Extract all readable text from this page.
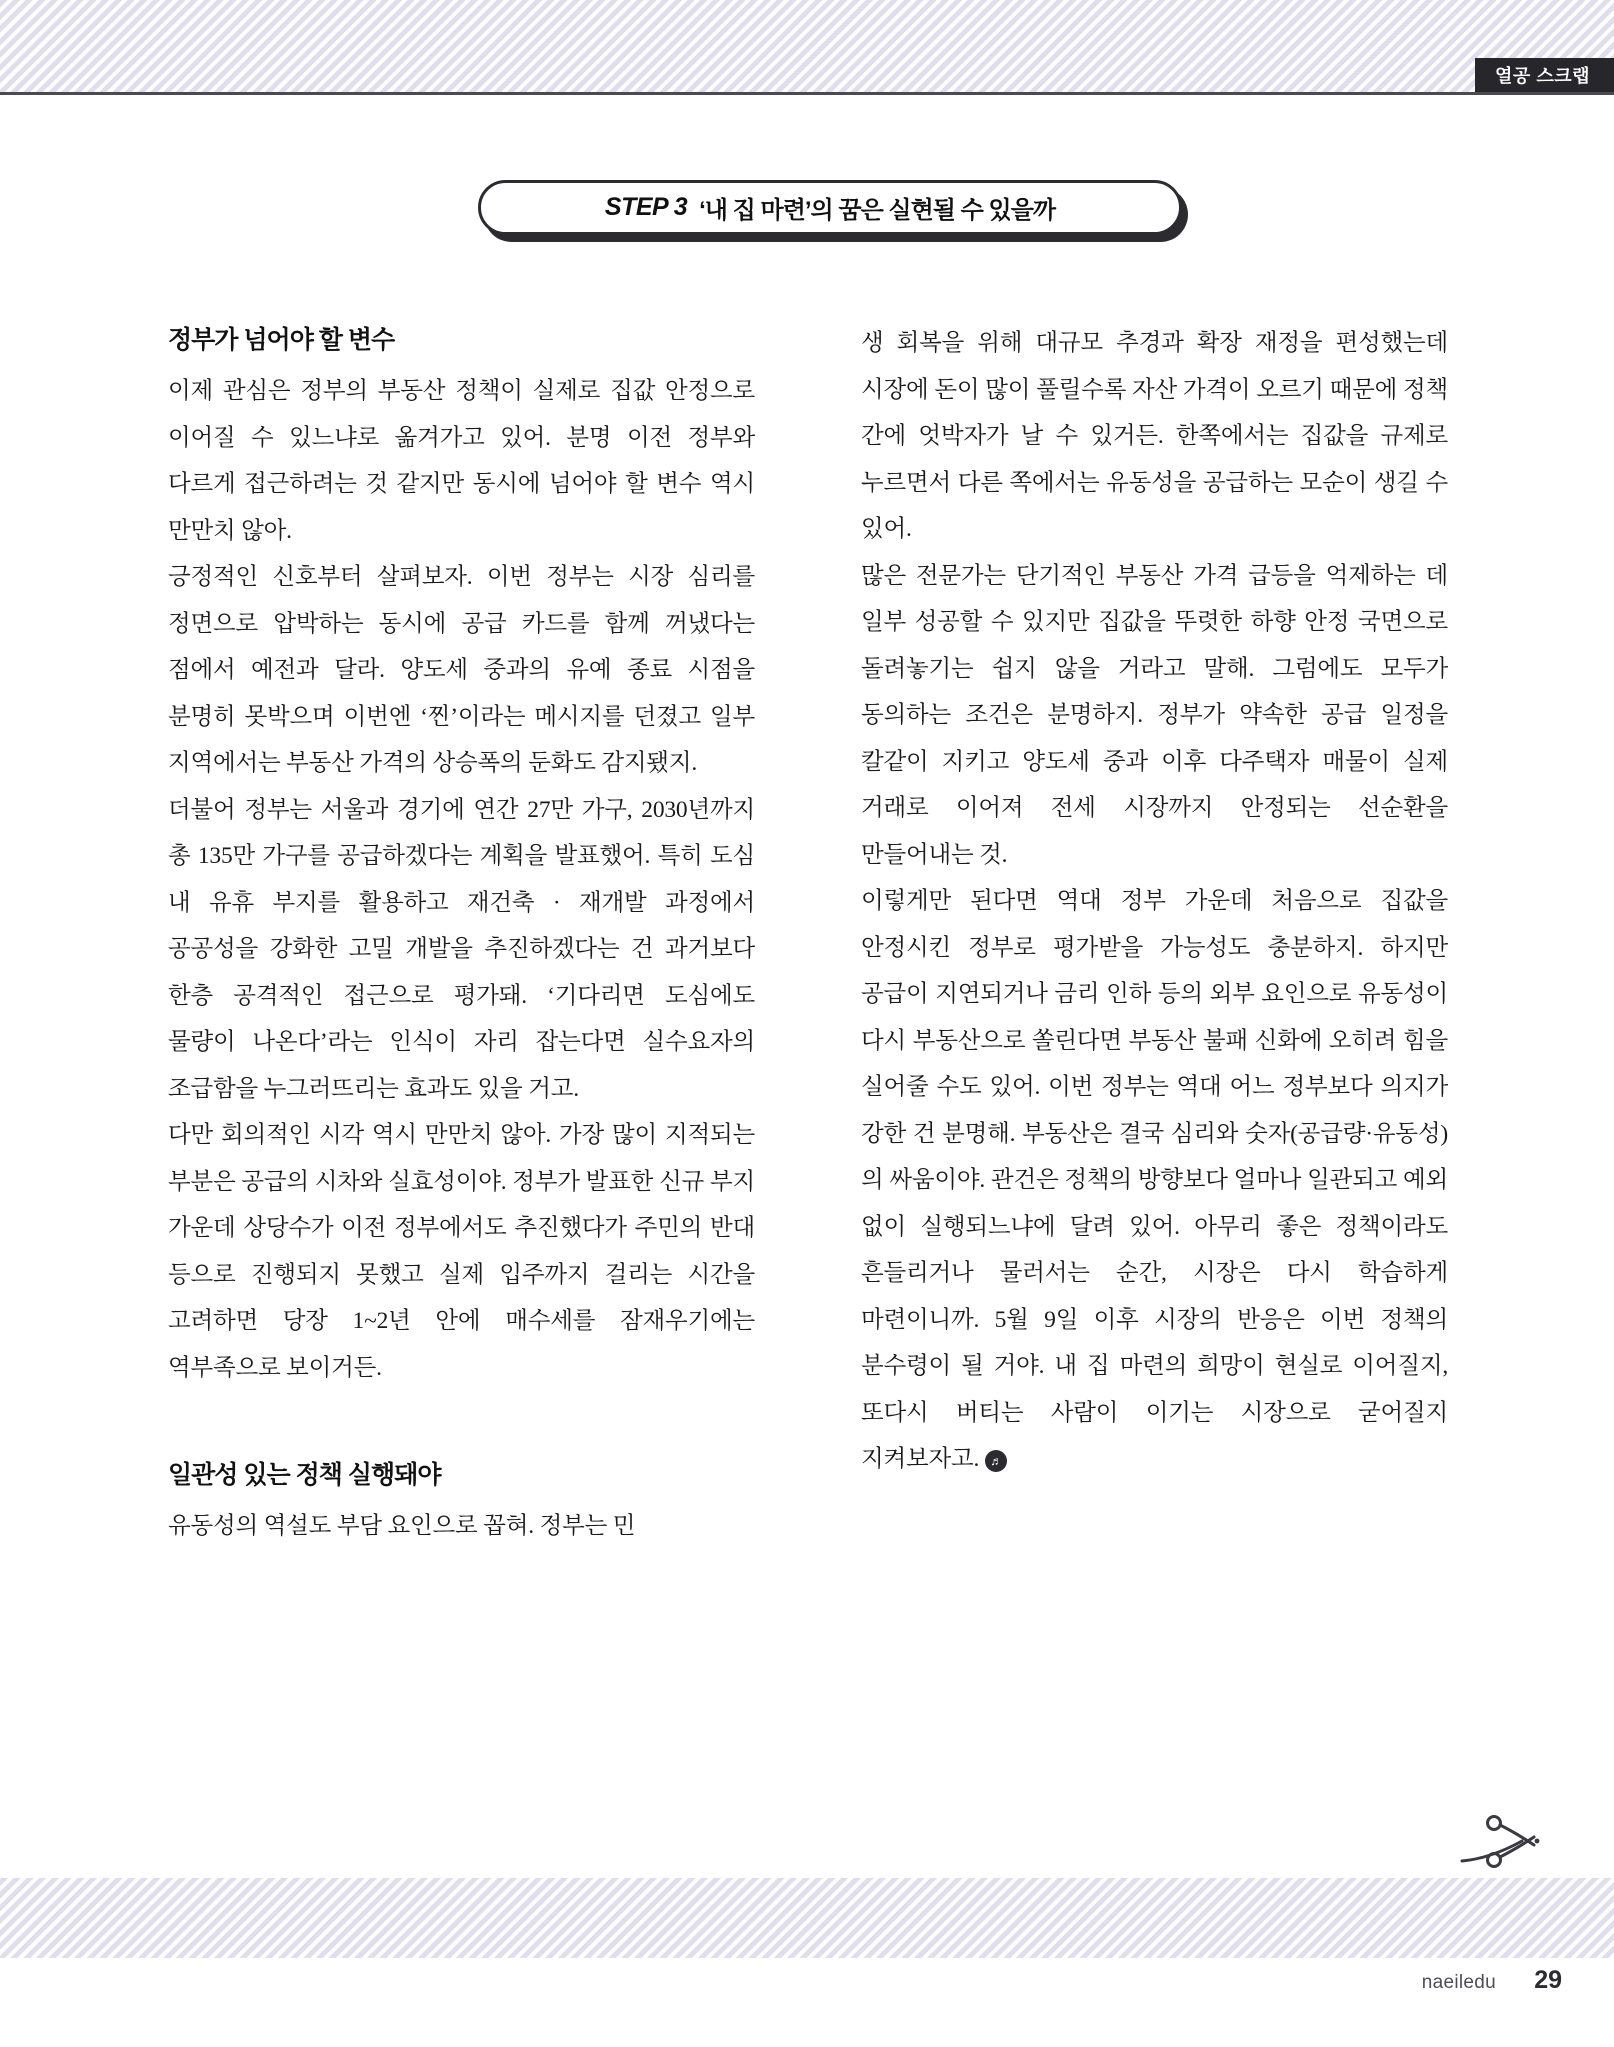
열공 스크랩
STEP 3 ‘내 집 마련’의 꿈은 실현될 수 있을까
정부가 넘어야 할 변수

이제 관심은 정부의 부동산 정책이 실제로 집값 안정으로 이어질 수 있느냐로 옮겨가고 있어. 분명 이전 정부와 다르게 접근하려는 것 같지만 동시에 넘어야 할 변수 역시 만만치 않아.

긍정적인 신호부터 살펴보자. 이번 정부는 시장 심리를 정면으로 압박하는 동시에 공급 카드를 함께 꺼냈다는 점에서 예전과 달라. 양도세 중과의 유예 종료 시점을 분명히 못박으며 이번엔 ‘찐’이라는 메시지를 던졌고 일부 지역에서는 부동산 가격의 상승폭의 둔화도 감지됐지.

더불어 정부는 서울과 경기에 연간 27만 가구, 2030년까지 총 135만 가구를 공급하겠다는 계획을 발표했어. 특히 도심 내 유휴 부지를 활용하고 재건축 · 재개발 과정에서 공공성을 강화한 고밀 개발을 추진하겠다는 건 과거보다 한층 공격적인 접근으로 평가돼. ‘기다리면 도심에도 물량이 나온다’라는 인식이 자리 잡는다면 실수요자의 조급함을 누그러뜨리는 효과도 있을 거고.

다만 회의적인 시각 역시 만만치 않아. 가장 많이 지적되는 부분은 공급의 시차와 실효성이야. 정부가 발표한 신규 부지 가운데 상당수가 이전 정부에서도 추진했다가 주민의 반대 등으로 진행되지 못했고 실제 입주까지 걸리는 시간을 고려하면 당장 1~2년 안에 매수세를 잠재우기에는 역부족으로 보이거든.

일관성 있는 정책 실행돼야

유동성의 역설도 부담 요인으로 꼽혀. 정부는 민

생 회복을 위해 대규모 추경과 확장 재정을 편성했는데 시장에 돈이 많이 풀릴수록 자산 가격이 오르기 때문에 정책 간에 엇박자가 날 수 있거든. 한쪽에서는 집값을 규제로 누르면서 다른 쪽에서는 유동성을 공급하는 모순이 생길 수 있어.

많은 전문가는 단기적인 부동산 가격 급등을 억제하는 데 일부 성공할 수 있지만 집값을 뚜렷한 하향 안정 국면으로 돌려놓기는 쉽지 않을 거라고 말해. 그럼에도 모두가 동의하는 조건은 분명하지. 정부가 약속한 공급 일정을 칼같이 지키고 양도세 중과 이후 다주택자 매물이 실제 거래로 이어져 전세 시장까지 안정되는 선순환을 만들어내는 것.

이렇게만 된다면 역대 정부 가운데 처음으로 집값을 안정시킨 정부로 평가받을 가능성도 충분하지. 하지만 공급이 지연되거나 금리 인하 등의 외부 요인으로 유동성이 다시 부동산으로 쏠린다면 부동산 불패 신화에 오히려 힘을 실어줄 수도 있어. 이번 정부는 역대 어느 정부보다 의지가 강한 건 분명해. 부동산은 결국 심리와 숫자(공급량·유동성)의 싸움이야. 관건은 정책의 방향보다 얼마나 일관되고 예외 없이 실행되느냐에 달려 있어. 아무리 좋은 정책이라도 흔들리거나 물러서는 순간, 시장은 다시 학습하게 마련이니까. 5월 9일 이후 시장의 반응은 이번 정책의 분수령이 될 거야. 내 집 마련의 희망이 현실로 이어질지, 또다시 버티는 사람이 이기는 시장으로 굳어질지 지켜보자고. ♬

naeiledu 29
